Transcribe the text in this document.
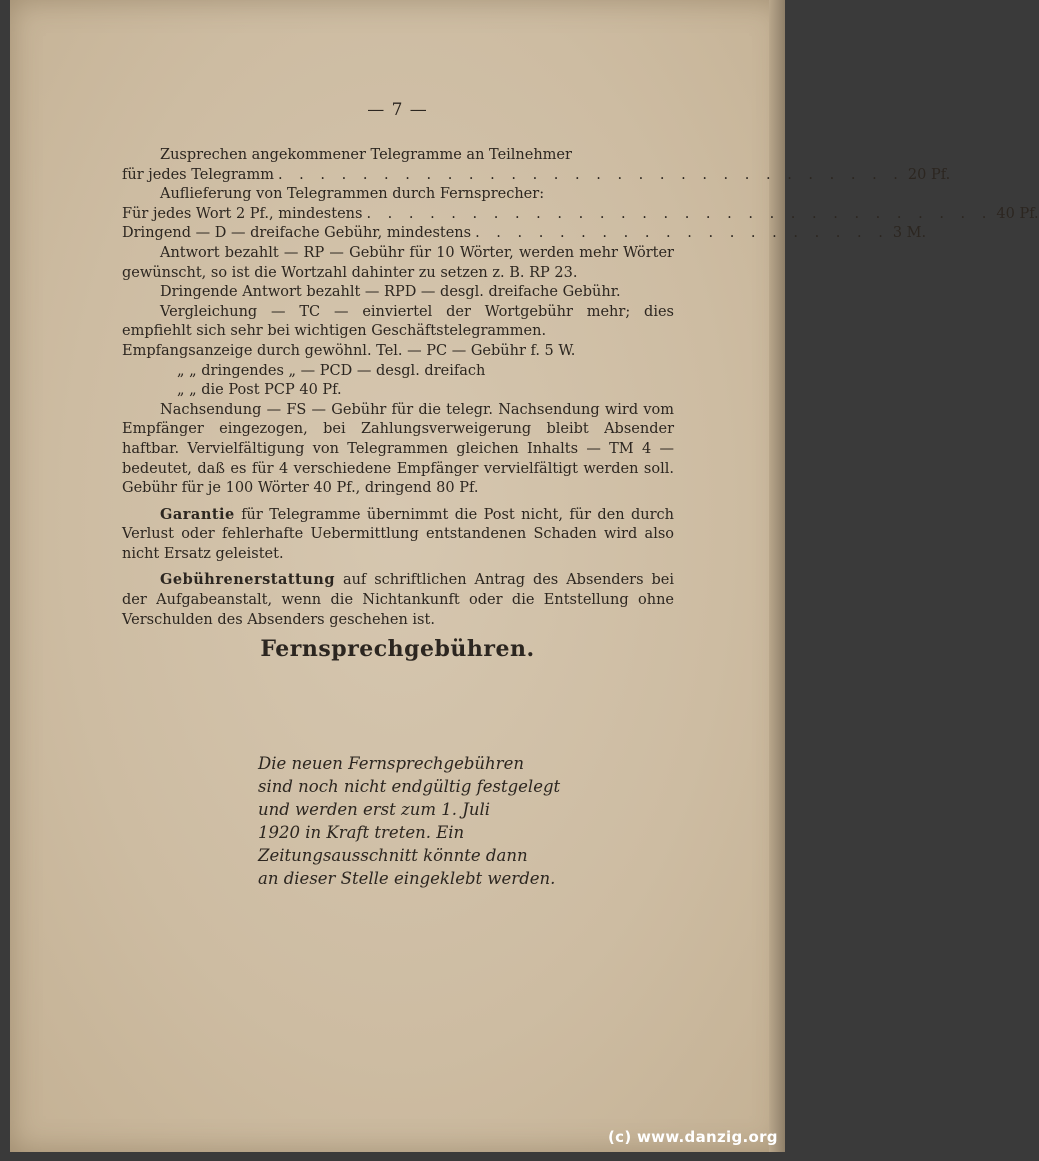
— 7 —
Zusprechen angekommener Telegramme an Teilnehmer
für jedes Telegramm . . . . . . . . . . . . . . . . . . . . . . . . . . . . . . 20 Pf.
Auflieferung von Telegrammen durch Fernsprecher:
Für jedes Wort 2 Pf., mindestens . . . . . . . . . . . . . . . . . . . . . . . . . . . . . . 40 Pf.
Dringend — D — dreifache Gebühr, mindestens . . . . . . . . . . . . . . . . . . . . 3 M.
Antwort bezahlt — RP — Gebühr für 10 Wörter, werden mehr Wörter gewünscht, so ist die Wortzahl dahinter zu setzen z. B. RP 23.
Dringende Antwort bezahlt — RPD — desgl. dreifache Gebühr.
Vergleichung — TC — einviertel der Wortgebühr mehr; dies empfiehlt sich sehr bei wichtigen Geschäftstelegrammen.
Empfangsanzeige durch gewöhnl. Tel. — PC — Gebühr f. 5 W.
„ „ dringendes „ — PCD — desgl. dreifach
„ „ die Post PCP 40 Pf.
Nachsendung — FS — Gebühr für die telegr. Nachsendung wird vom Empfänger eingezogen, bei Zahlungsverweigerung bleibt Absender haftbar. Vervielfältigung von Telegrammen gleichen Inhalts — TM 4 — bedeutet, daß es für 4 verschiedene Empfänger vervielfältigt werden soll. Gebühr für je 100 Wörter 40 Pf., dringend 80 Pf.
Garantie für Telegramme übernimmt die Post nicht, für den durch Verlust oder fehlerhafte Uebermittlung entstandenen Schaden wird also nicht Ersatz geleistet.
Gebührenerstattung auf schriftlichen Antrag des Absenders bei der Aufgabeanstalt, wenn die Nichtankunft oder die Entstellung ohne Verschulden des Absenders geschehen ist.
Fernsprechgebühren.
Die neuen Fernsprechgebühren
sind noch nicht endgültig festgelegt
und werden erst zum 1. Juli
1920 in Kraft treten. Ein
Zeitungsausschnitt könnte dann
an dieser Stelle eingeklebt werden.
(c) www.danzig.org
